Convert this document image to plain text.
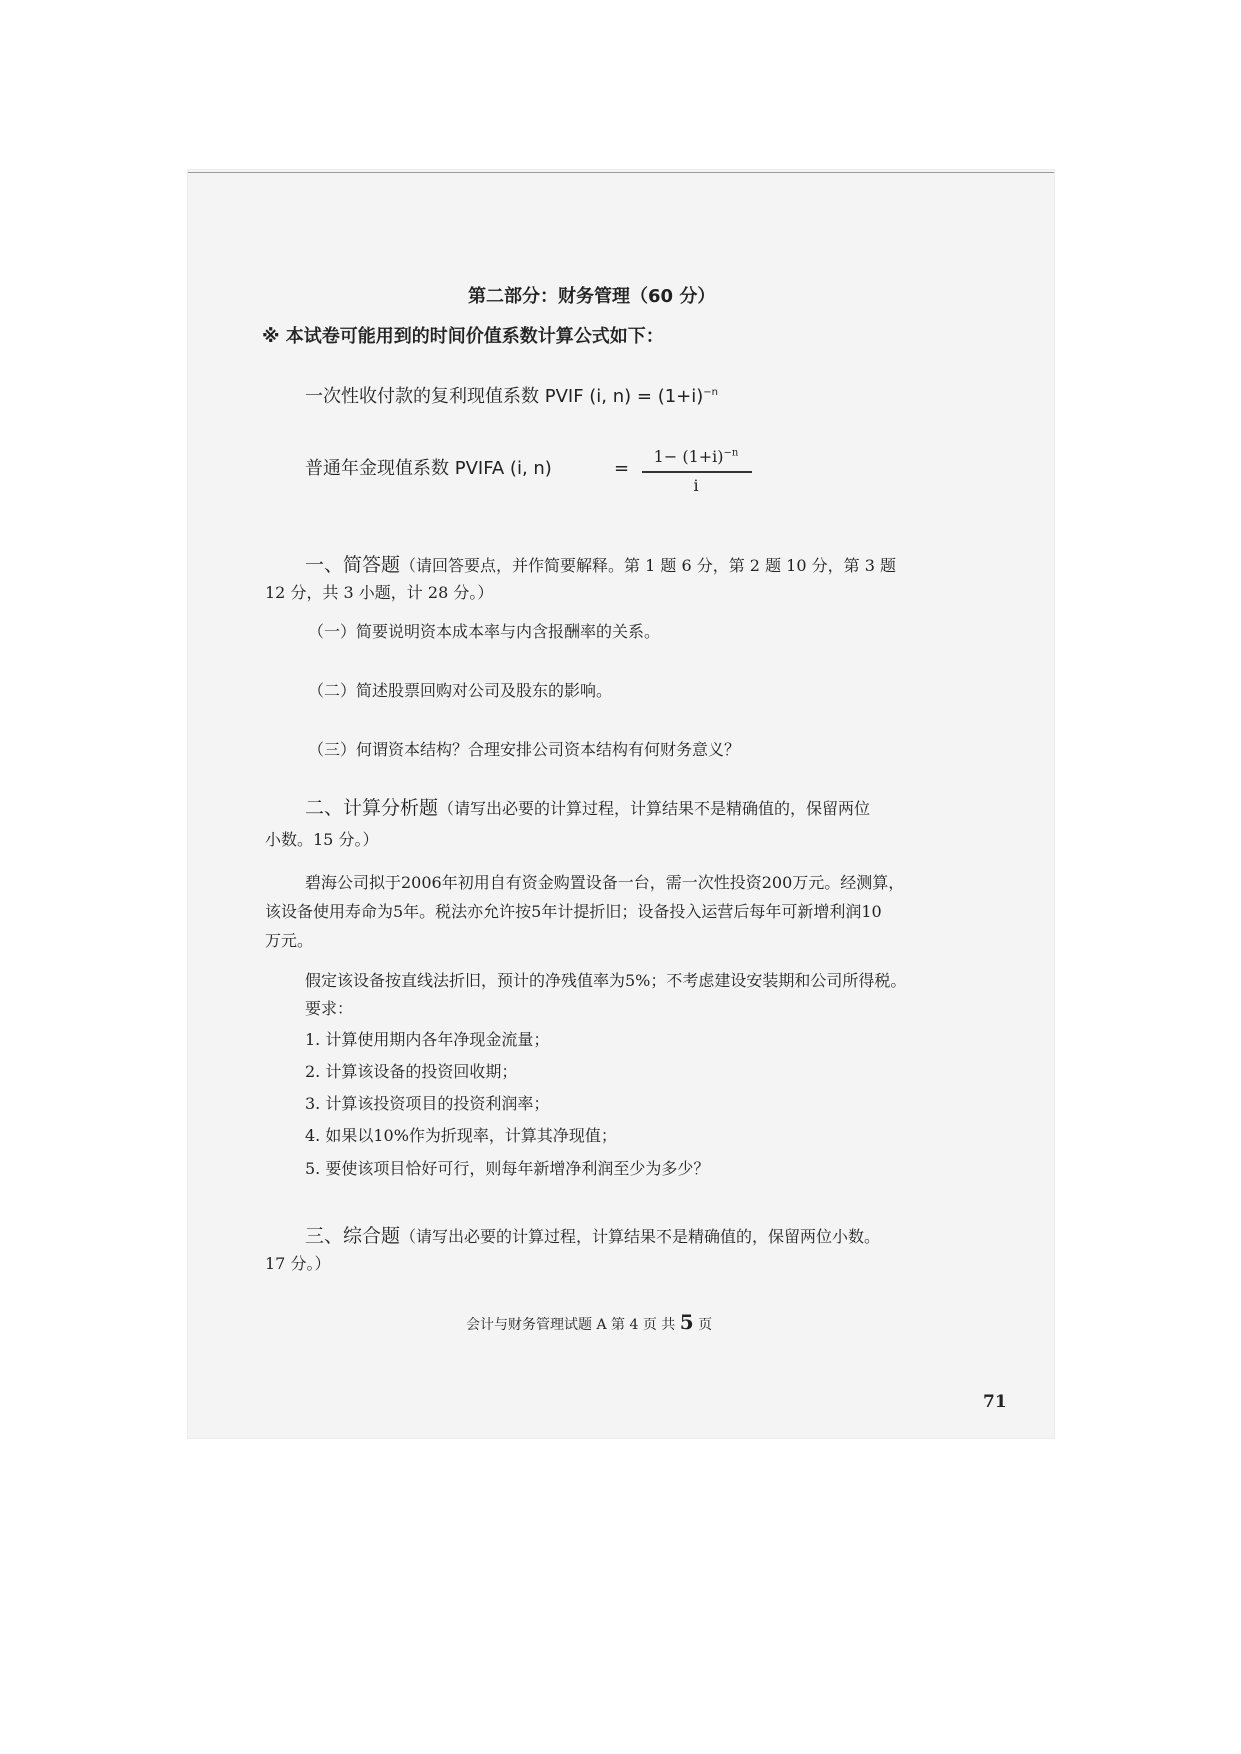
第二部分：财务管理（60 分）
※ 本试卷可能用到的时间价值系数计算公式如下：
一次性收付款的复利现值系数 PVIF (i, $n) = (1+i)^{-n}$
普通年金现值系数 PVIFA (i, n)	=
$1- (1+i)^{-n}$
i
一、简答题（请回答要点，并作简要解释。第 1 题 6 分，第 2 题 10 分，第 3 题
12 分，共 3 小题，计 28 分。）
（一）简要说明资本成本率与内含报酬率的关系。
（二）简述股票回购对公司及股东的影响。
（三）何谓资本结构？合理安排公司资本结构有何财务意义？
二、计算分析题（请写出必要的计算过程，计算结果不是精确值的，保留两位
小数。15 分。）
碧海公司拟于2006年初用自有资金购置设备一台，需一次性投资200万元。经测算，
该设备使用寿命为5年。税法亦允许按5年计提折旧；设备投入运营后每年可新增利润10
万元。
假定该设备按直线法折旧，预计的净残值率为5%；不考虑建设安装期和公司所得税。
要求：
1. 计算使用期内各年净现金流量；
2. 计算该设备的投资回收期；
3. 计算该投资项目的投资利润率；
4. 如果以10%作为折现率，计算其净现值；
5. 要使该项目恰好可行，则每年新增净利润至少为多少？
三、综合题（请写出必要的计算过程，计算结果不是精确值的，保留两位小数。
17 分。）
会计与财务管理试题 A 第 4 页 共 5 页
71
